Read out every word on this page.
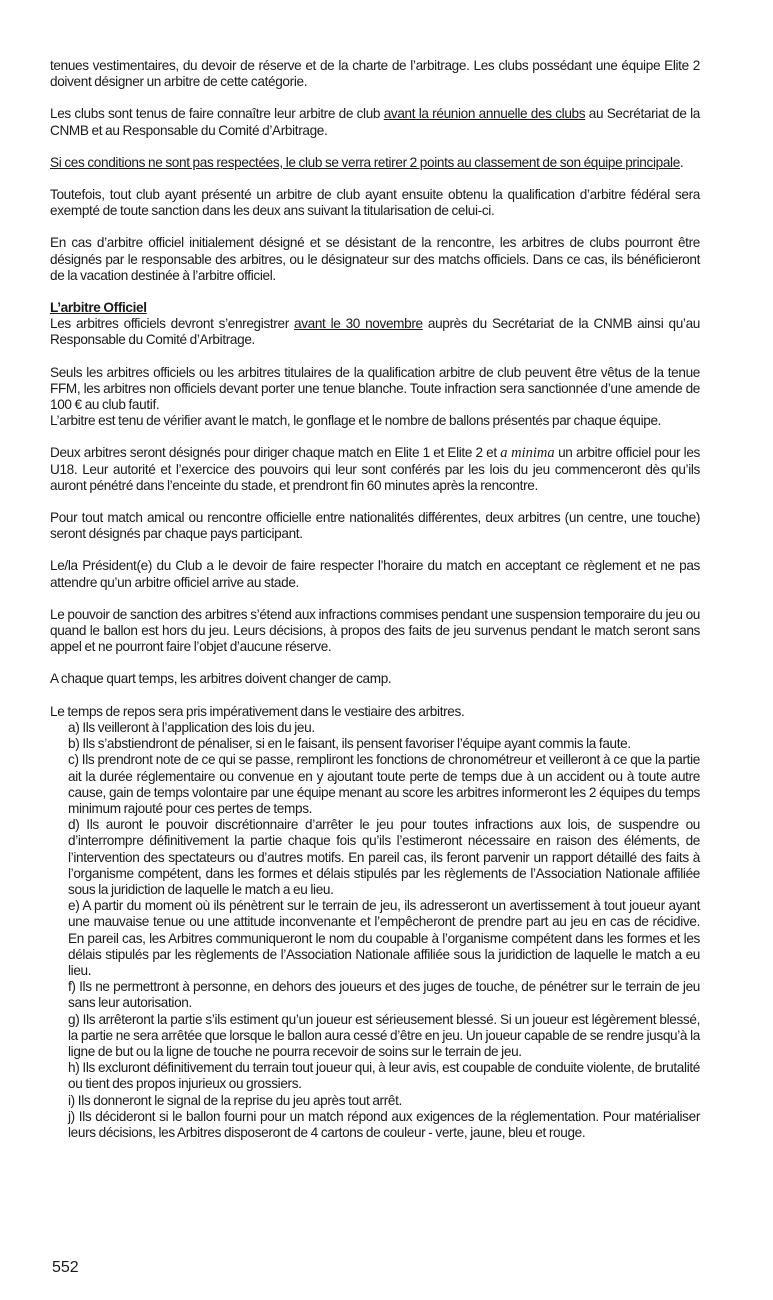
tenues vestimentaires, du devoir de réserve et de la charte de l’arbitrage. Les clubs possédant une équipe Elite 2 doivent désigner un arbitre de cette catégorie.

Les clubs sont tenus de faire connaître leur arbitre de club avant la réunion annuelle des clubs au Secrétariat de la CNMB et au Responsable du Comité d’Arbitrage.

Si ces conditions ne sont pas respectées, le club se verra retirer 2 points au classement de son équipe principale.

Toutefois, tout club ayant présenté un arbitre de club ayant ensuite obtenu la qualification d’arbitre fédéral sera exempté de toute sanction dans les deux ans suivant la titularisation de celui-ci.

En cas d’arbitre officiel initialement désigné et se désistant de la rencontre, les arbitres de clubs pourront être désignés par le responsable des arbitres, ou le désignateur sur des matchs officiels. Dans ce cas, ils bénéficieront de la vacation destinée à l’arbitre officiel.

L’arbitre Officiel

Les arbitres officiels devront s’enregistrer avant le 30 novembre auprès du Secrétariat de la CNMB ainsi qu’au Responsable du Comité d’Arbitrage.

Seuls les arbitres officiels ou les arbitres titulaires de la qualification arbitre de club peuvent être vêtus de la tenue FFM, les arbitres non officiels devant porter une tenue blanche. Toute infraction sera sanctionnée d’une amende de 100 € au club fautif.

L’arbitre est tenu de vérifier avant le match, le gonflage et le nombre de ballons présentés par chaque équipe.

Deux arbitres seront désignés pour diriger chaque match en Elite 1 et Elite 2 et a minima un arbitre officiel pour les U18. Leur autorité et l’exercice des pouvoirs qui leur sont conférés par les lois du jeu commenceront dès qu’ils auront pénétré dans l’enceinte du stade, et prendront fin 60 minutes après la rencontre.

Pour tout match amical ou rencontre officielle entre nationalités différentes, deux arbitres (un centre, une touche) seront désignés par chaque pays participant.

Le/la Président(e) du Club a le devoir de faire respecter l’horaire du match en acceptant ce règlement et ne pas attendre qu’un arbitre officiel arrive au stade.

Le pouvoir de sanction des arbitres s’étend aux infractions commises pendant une suspension temporaire du jeu ou quand le ballon est hors du jeu. Leurs décisions, à propos des faits de jeu survenus pendant le match seront sans appel et ne pourront faire l’objet d’aucune réserve.

A chaque quart temps, les arbitres doivent changer de camp.

Le temps de repos sera pris impérativement dans le vestiaire des arbitres.

a) Ils veilleront à l’application des lois du jeu.
b) Ils s’abstiendront de pénaliser, si en le faisant, ils pensent favoriser l’équipe ayant commis la faute.
c) Ils prendront note de ce qui se passe, rempliront les fonctions de chronométreur et veilleront à ce que la partie ait la durée réglementaire ou convenue en y ajoutant toute perte de temps due à un accident ou à toute autre cause, gain de temps volontaire par une équipe menant au score les arbitres informeront les 2 équipes du temps minimum rajouté pour ces pertes de temps.
d) Ils auront le pouvoir discrétionnaire d’arrêter le jeu pour toutes infractions aux lois, de suspendre ou d’interrompre définitivement la partie chaque fois qu’ils l’estimeront nécessaire en raison des éléments, de l’intervention des spectateurs ou d’autres motifs. En pareil cas, ils feront parvenir un rapport détaillé des faits à l’organisme compétent, dans les formes et délais stipulés par les règlements de l’Association Nationale affiliée sous la juridiction de laquelle le match a eu lieu.
e) A partir du moment où ils pénètrent sur le terrain de jeu, ils adresseront un avertissement à tout joueur ayant une mauvaise tenue ou une attitude inconvenante et l’empêcheront de prendre part au jeu en cas de récidive. En pareil cas, les Arbitres communiqueront le nom du coupable à l’organisme compétent dans les formes et les délais stipulés par les règlements de l’Association Nationale affiliée sous la juridiction de laquelle le match a eu lieu.
f) Ils ne permettront à personne, en dehors des joueurs et des juges de touche, de pénétrer sur le terrain de jeu sans leur autorisation.
g) Ils arrêteront la partie s’ils estiment qu’un joueur est sérieusement blessé. Si un joueur est légèrement blessé, la partie ne sera arrêtée que lorsque le ballon aura cessé d’être en jeu. Un joueur capable de se rendre jusqu’à la ligne de but ou la ligne de touche ne pourra recevoir de soins sur le terrain de jeu.
h) Ils excluront définitivement du terrain tout joueur qui, à leur avis, est coupable de conduite violente, de brutalité ou tient des propos injurieux ou grossiers.
i) Ils donneront le signal de la reprise du jeu après tout arrêt.
j) Ils décideront si le ballon fourni pour un match répond aux exigences de la réglementation. Pour matérialiser leurs décisions, les Arbitres disposeront de 4 cartons de couleur - verte, jaune, bleu et rouge.
552
